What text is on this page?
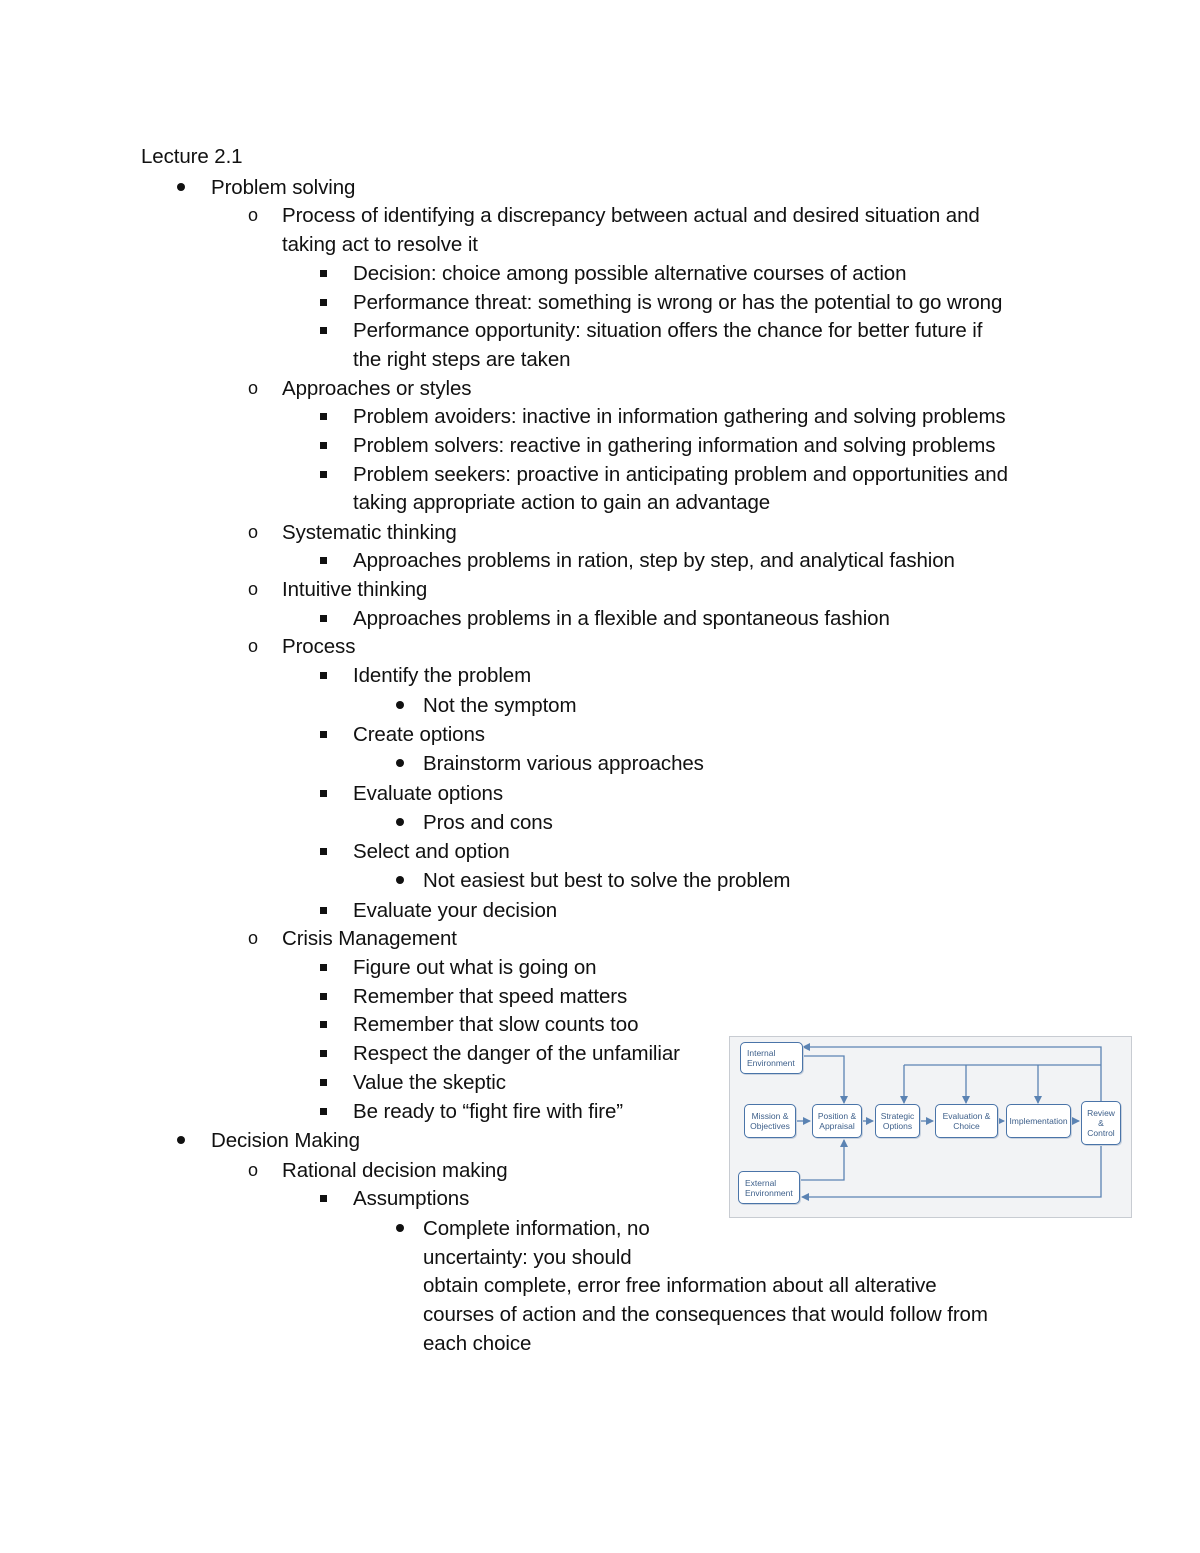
Lecture 2.1
Problem solving
o Process of identifying a discrepancy between actual and desired situation and
taking act to resolve it
Decision: choice among possible alternative courses of action
Performance threat: something is wrong or has the potential to go wrong
Performance opportunity: situation offers the chance for better future if
the right steps are taken
o Approaches or styles
Problem avoiders: inactive in information gathering and solving problems
Problem solvers: reactive in gathering information and solving problems
Problem seekers: proactive in anticipating problem and opportunities and
taking appropriate action to gain an advantage
o Systematic thinking
Approaches problems in ration, step by step, and analytical fashion
o Intuitive thinking
Approaches problems in a flexible and spontaneous fashion
o Process
Identify the problem
Not the symptom
Create options
Brainstorm various approaches
Evaluate options
Pros and cons
Select and option
Not easiest but best to solve the problem
Evaluate your decision
o Crisis Management
Figure out what is going on
Remember that speed matters
Remember that slow counts too
Respect the danger of the unfamiliar
Value the skeptic
Be ready to “fight fire with fire”
Decision Making
o Rational decision making
Assumptions
Complete information, no
uncertainty: you should
obtain complete, error free information about all alterative
courses of action and the consequences that would follow from
each choice
Internal
Environment
Mission &
Objectives
Position &
Appraisal
Strategic
Options
Evaluation &
Choice	Implementation
Review
&
Control
External
Environment
